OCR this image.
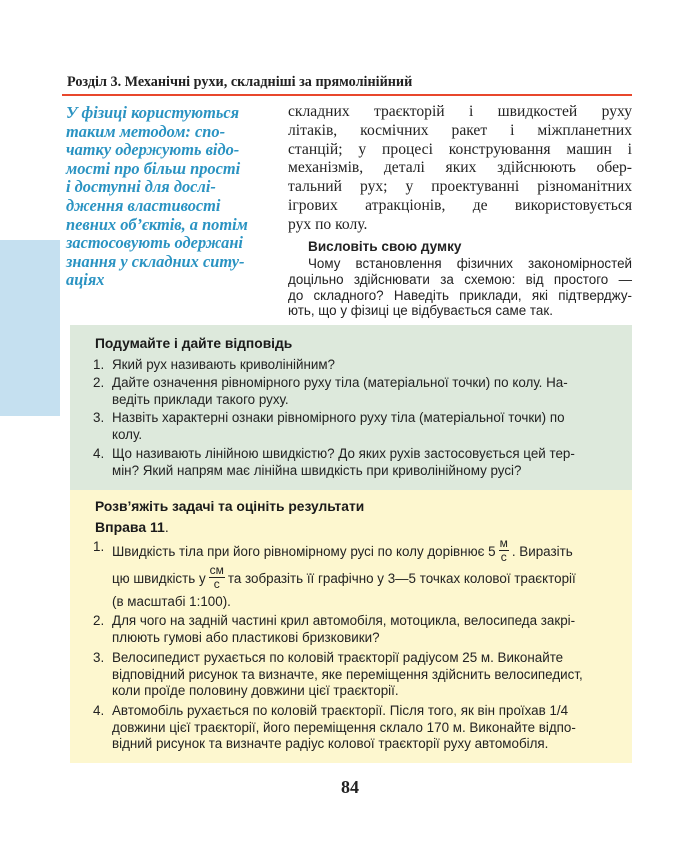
Розділ 3. Механічні рухи, складніші за прямолінійний
У фізиці користуються
таким методом: спо-
чатку одержують відо-
мості про більш прості
і доступні для дослі-
дження властивості
певних об’єктів, а потім
застосовують одержані
знання у складних ситу-
аціях
складних траєкторій і швидкостей руху
літаків, космічних ракет і міжпланетних
станцій; у процесі конструювання машин і
механізмів, деталі яких здійснюють обер-
тальний рух; у проектуванні різноманітних
ігрових атракціонів, де використовується
рух по колу.
Висловіть свою думку
Чому встановлення фізичних закономірностей
доцільно здійснювати за схемою: від простого —
до складного? Наведіть приклади, які підтверджу-
ють, що у фізиці це відбувається саме так.
Подумайте і дайте відповідь
1. Який рух називають криволінійним?
2. Дайте означення рівномірного руху тіла (матеріальної точки) по колу. На-
ведіть приклади такого руху.
3. Назвіть характерні ознаки рівномірного руху тіла (матеріальної точки) по
колу.
4. Що називають лінійною швидкістю? До яких рухів застосовується цей тер-
мін? Який напрям має лінійна швидкість при криволінійному русі?
Розв’яжіть задачі та оцініть результати
Вправа 11.
1. Швидкість тіла при його рівномірному русі по колу дорівнює $5 \frac{м}{с}$ . Виразіть
цю швидкість у $\frac{см}{с}$ та зобразіть її графічно у 3—5 точках колової траєкторії
(в масштабі 1:100).
2. Для чого на задній частині крил автомобіля, мотоцикла, велосипеда закрі-
плюють гумові або пластикові бризковики?
3. Велосипедист рухається по коловій траєкторії радіусом 25 м. Виконайте
відповідний рисунок та визначте, яке переміщення здійснить велосипедист,
коли проїде половину довжини цієї траєкторії.
4. Автомобіль рухається по коловій траєкторії. Після того, як він проїхав 1/4
довжини цієї траєкторії, його переміщення склало 170 м. Виконайте відпо-
відний рисунок та визначте радіус колової траєкторії руху автомобіля.
84
